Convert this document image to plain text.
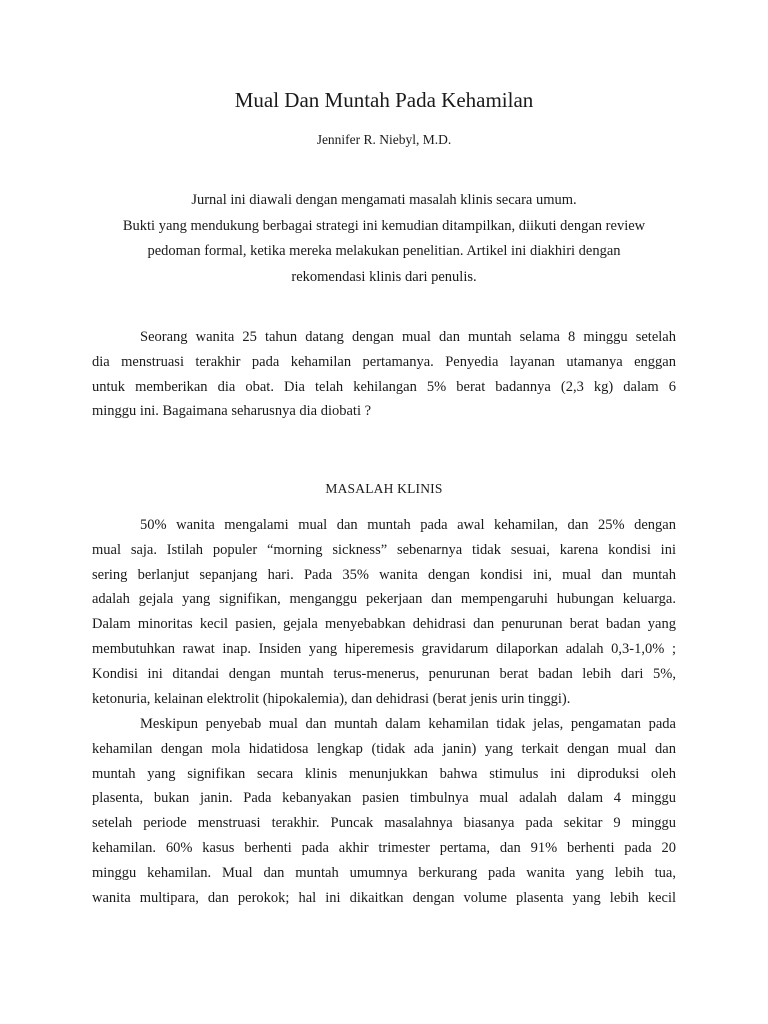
Mual Dan Muntah Pada Kehamilan
Jennifer R. Niebyl, M.D.
Jurnal ini diawali dengan mengamati masalah klinis secara umum.
Bukti yang mendukung berbagai strategi ini kemudian ditampilkan, diikuti dengan review
pedoman formal, ketika mereka melakukan penelitian. Artikel ini diakhiri dengan
rekomendasi klinis dari penulis.
Seorang wanita 25 tahun datang dengan mual dan muntah selama 8 minggu setelah
dia menstruasi terakhir pada kehamilan pertamanya. Penyedia layanan utamanya enggan
untuk memberikan dia obat. Dia telah kehilangan 5% berat badannya (2,3 kg) dalam 6
minggu ini. Bagaimana seharusnya dia diobati ?
MASALAH KLINIS
50% wanita mengalami mual dan muntah pada awal kehamilan, dan 25% dengan
mual saja. Istilah populer “morning sickness” sebenarnya tidak sesuai, karena kondisi ini
sering berlanjut sepanjang hari. Pada 35% wanita dengan kondisi ini, mual dan muntah
adalah gejala yang signifikan, menganggu pekerjaan dan mempengaruhi hubungan keluarga.
Dalam minoritas kecil pasien, gejala menyebabkan dehidrasi dan penurunan berat badan yang
membutuhkan rawat inap. Insiden yang hiperemesis gravidarum dilaporkan adalah 0,3-1,0% ;
Kondisi ini ditandai dengan muntah terus-menerus, penurunan berat badan lebih dari 5%,
ketonuria, kelainan elektrolit (hipokalemia), dan dehidrasi (berat jenis urin tinggi).
Meskipun penyebab mual dan muntah dalam kehamilan tidak jelas, pengamatan pada
kehamilan dengan mola hidatidosa lengkap (tidak ada janin) yang terkait dengan mual dan
muntah yang signifikan secara klinis menunjukkan bahwa stimulus ini diproduksi oleh
plasenta, bukan janin. Pada kebanyakan pasien timbulnya mual adalah dalam 4 minggu
setelah periode menstruasi terakhir. Puncak masalahnya biasanya pada sekitar 9 minggu
kehamilan. 60% kasus berhenti pada akhir trimester pertama, dan 91% berhenti pada 20
minggu kehamilan. Mual dan muntah umumnya berkurang pada wanita yang lebih tua,
wanita multipara, dan perokok; hal ini dikaitkan dengan volume plasenta yang lebih kecil
